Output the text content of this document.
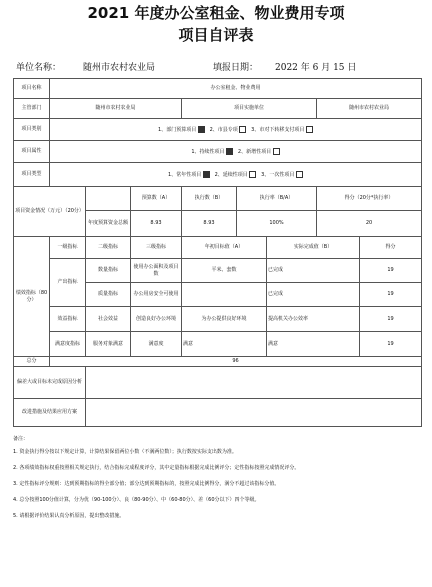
2021 年度办公室租金、物业费用专项
项目自评表
单位名称： 随州市农村农业局	填报日期： 2022 年 6 月 15 日
项目名称	办公室租金、物业费用							
主管部门	随州市农村农业局			项目实施单位			随州市农村农业局	
项目类别	1、部门预算项目 2、市县专项 3、市对下转移支付项目							
项目属性	1、持续性项目 2、新增性项目							
项目类型	1、常年性项目 2、延续性项目 3、一次性项目							
项目资金情况（万元）（20分）			预算数（A）	执行数（B）	执行率（B/A）		得分（20分*执行率）	
		年度预算资金总额	8.93	8.93	100%		20	
绩效指标（80分）	一级指标	二级指标	三级指标	年初目标值（A）		实际完成值（B）		得分
	产出指标	数量指标	使用办公面积及项目数	平米、套数		已完成		19
		质量指标	办公用房安全可使用			已完成		19
	效益指标	社会效益	创造良好办公环境	为办公提供良好环境		提高机关办公效率		19
	满意度指标	服务对象满意	满意度	满意		满意		19
总分	96							
偏差大或目标未完成原因分析								
改进措施及结果应用方案								

备注：

1. 资金执行得分按以下规定计算，计算结果保留两位小数（不满两位数）；执行数按实际支出数为准。

2. 各项绩效指标权重按照相关规定执行，结合指标完成程度评分，其中定量指标根据完成比例评分；定性指标按照完成情况评分。

3. 定性指标评分规则：达到预期指标的得全部分值；部分达到预期指标的，按照完成比例得分，满分不超过该指标分值。

4. 总分按照100分值计算，分为优（90-100分）、良（80-90分）、中（60-80分）、差（60分以下）四个等级。

5. 请根据评价结果认真分析原因，提出整改措施。
